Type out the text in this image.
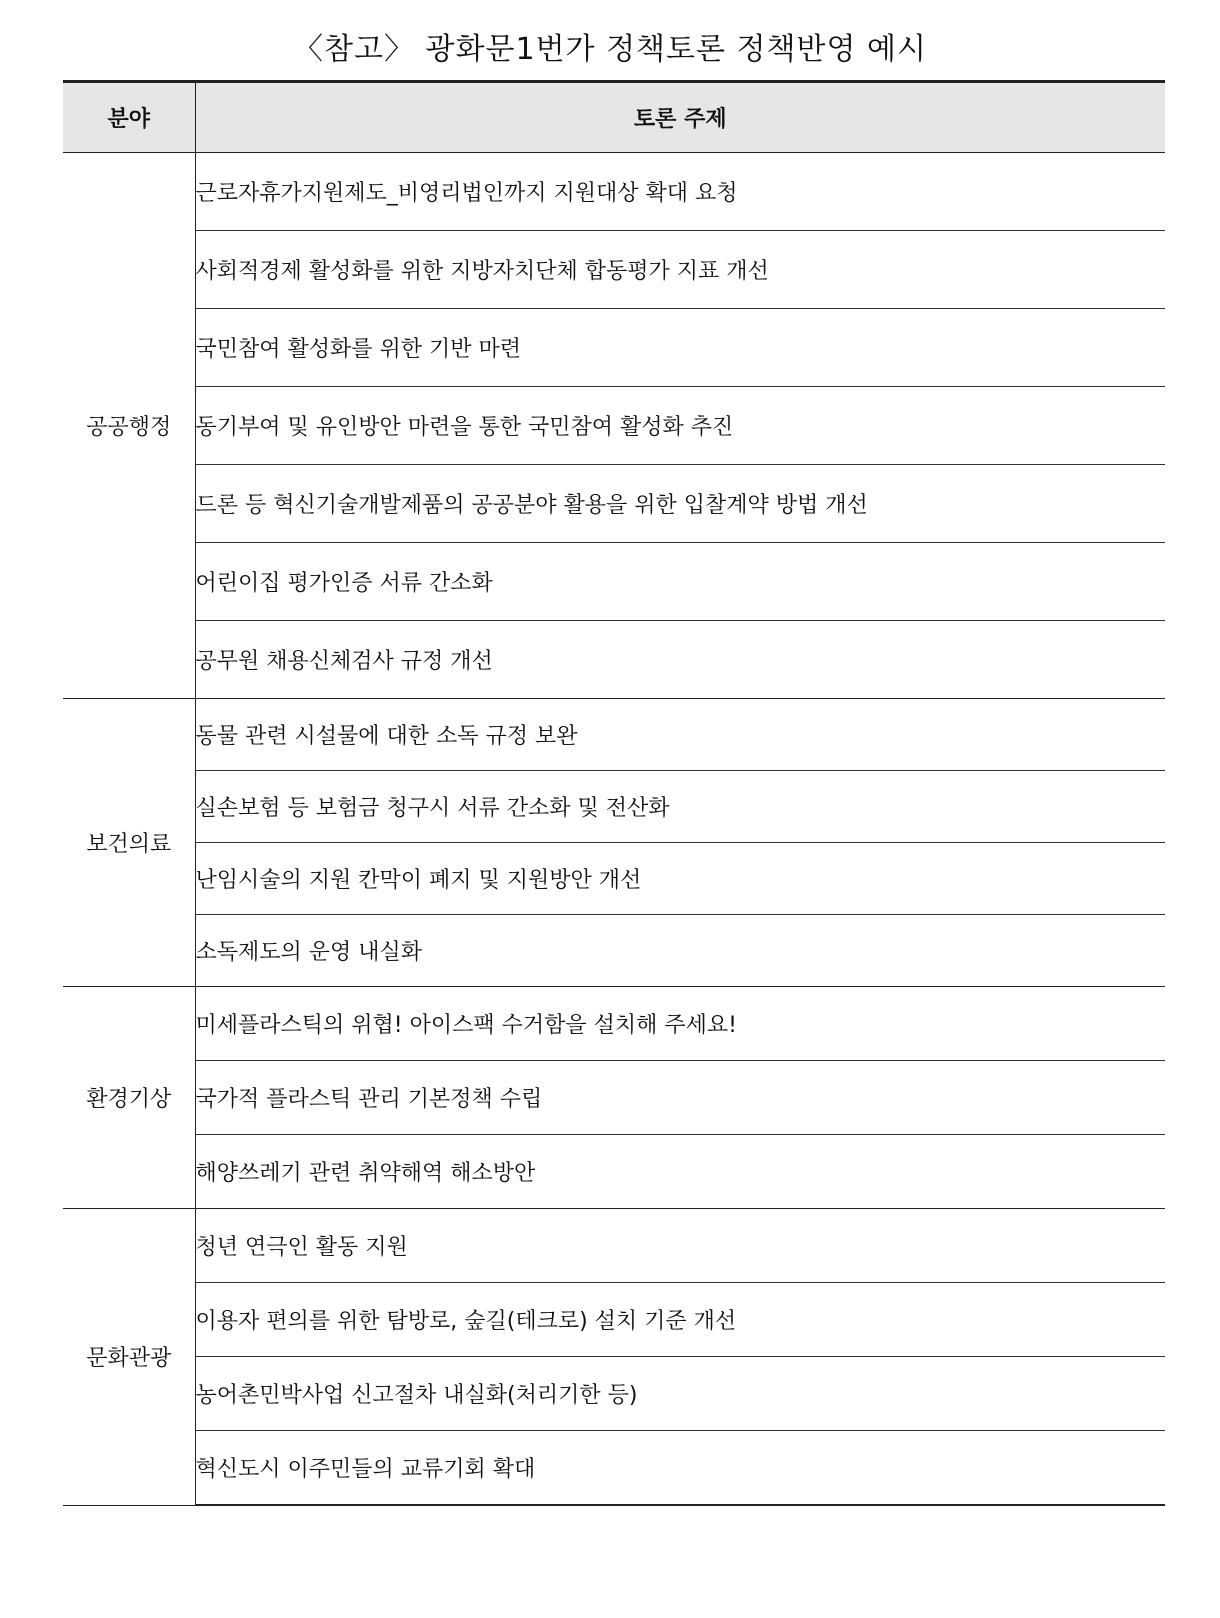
〈참고〉 광화문1번가 정책토론 정책반영 예시
분야	토론 주제
공공행정	근로자휴가지원제도_비영리법인까지 지원대상 확대 요청
	사회적경제 활성화를 위한 지방자치단체 합동평가 지표 개선
	국민참여 활성화를 위한 기반 마련
	동기부여 및 유인방안 마련을 통한 국민참여 활성화 추진
	드론 등 혁신기술개발제품의 공공분야 활용을 위한 입찰계약 방법 개선
	어린이집 평가인증 서류 간소화
	공무원 채용신체검사 규정 개선
보건의료	동물 관련 시설물에 대한 소독 규정 보완
	실손보험 등 보험금 청구시 서류 간소화 및 전산화
	난임시술의 지원 칸막이 폐지 및 지원방안 개선
	소독제도의 운영 내실화
환경기상	미세플라스틱의 위협! 아이스팩 수거함을 설치해 주세요!
	국가적 플라스틱 관리 기본정책 수립
	해양쓰레기 관련 취약해역 해소방안
문화관광	청년 연극인 활동 지원
	이용자 편의를 위한 탐방로, 숲길(테크로) 설치 기준 개선
	농어촌민박사업 신고절차 내실화(처리기한 등)
	혁신도시 이주민들의 교류기회 확대
